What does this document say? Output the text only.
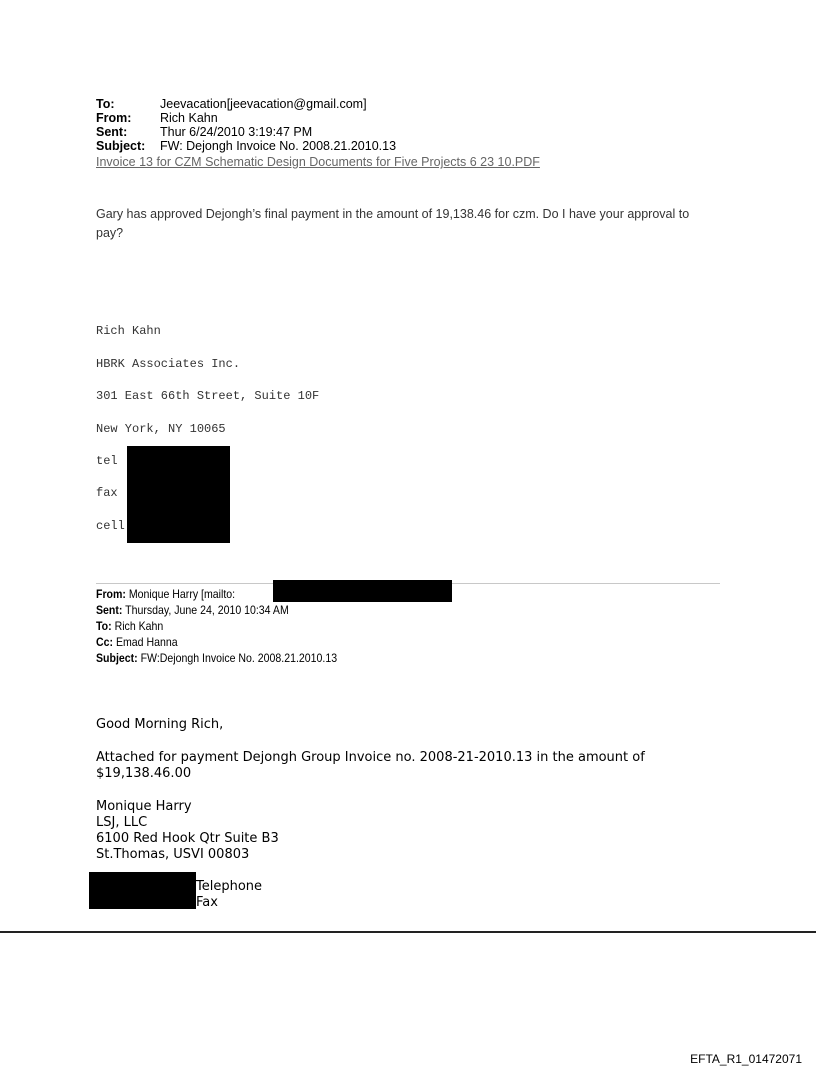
To:	Jeevacation[jeevacation@gmail.com]
From: Rich Kahn
Sent:	Thur 6/24/2010 3:19:47 PM
Subject: FW: Dejongh Invoice No. 2008.21.2010.13
Invoice 13 for CZM Schematic Design Documents for Five Projects 6 23 10.PDF
Gary has approved Dejongh’s final payment in the amount of 19,138.46 for czm. Do I have your approval to pay?
Rich Kahn
HBRK Associates Inc.
301 East 66th Street, Suite 10F
New York, NY 10065
tel
fax
cell
From: Monique Harry [mailto:
Sent: Thursday, June 24, 2010 10:34 AM
To: Rich Kahn
Cc: Emad Hanna
Subject: FW:Dejongh Invoice No. 2008.21.2010.13
Good Morning Rich,
Attached for payment Dejongh Group Invoice no. 2008-21-2010.13 in the amount of
$19,138.46.00
Monique Harry
LSJ, LLC
6100 Red Hook Qtr Suite B3
St.Thomas, USVI 00803
Telephone
Fax
EFTA_R1_01472071
